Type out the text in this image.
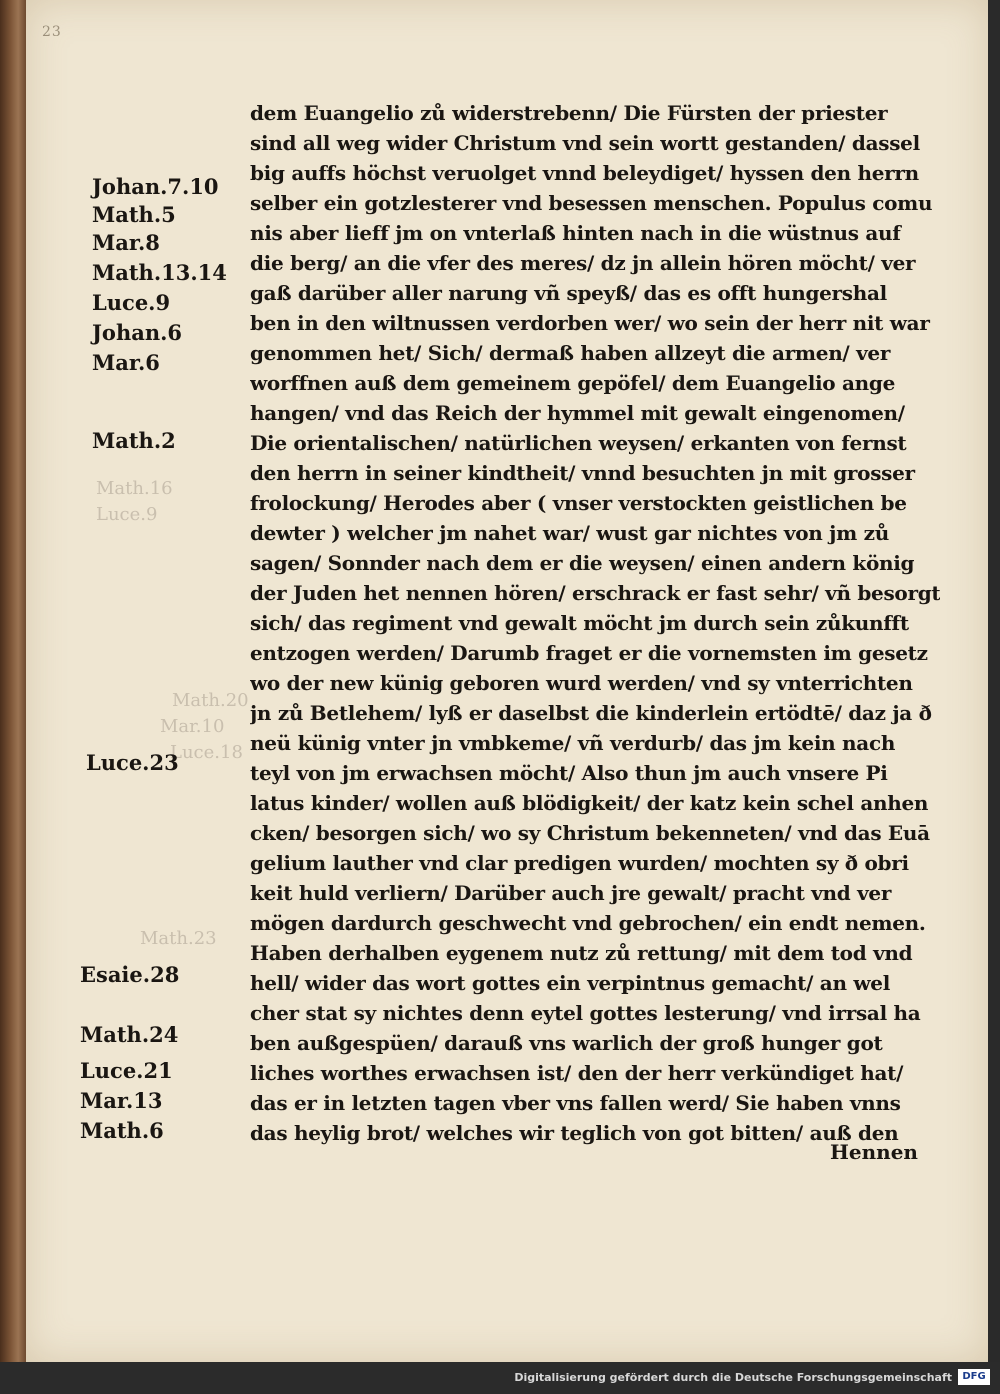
23
Math.16
Luce.9
Math.20
Mar.10
Luce.18
Math.23
Johan.7.10
Math.5
Mar.8
Math.13.14
Luce.9
Johan.6
Mar.6
Math.2
Luce.23
Esaie.28
Math.24
Luce.21
Mar.13
Math.6
dem Euangelio zů widerstrebenn/ Die Fürsten der priester
sind all weg wider Christum vnd sein wortt gestanden/ dassel
big auffs höchst veruolget vnnd beleydiget/ hyssen den herrn
selber ein gotzlesterer vnd besessen menschen. Populus comu
nis aber lieff jm on vnterlaß hinten nach in die wüstnus auf
die berg/ an die vfer des meres/ dz jn allein hören möcht/ ver
gaß darüber aller narung vñ speyß/ das es offt hungershal
ben in den wiltnussen verdorben wer/ wo sein der herr nit war
genommen het/ Sich/ dermaß haben allzeyt die armen/ ver
worffnen auß dem gemeinem gepöfel/ dem Euangelio ange
hangen/ vnd das Reich der hymmel mit gewalt eingenomen/
Die orientalischen/ natürlichen weysen/ erkanten von fernst
den herrn in seiner kindtheit/ vnnd besuchten jn mit grosser
frolockung/ Herodes aber ( vnser verstockten geistlichen be
dewter ) welcher jm nahet war/ wust gar nichtes von jm zů
sagen/ Sonnder nach dem er die weysen/ einen andern könig
der Juden het nennen hören/ erschrack er fast sehr/ vñ besorgt
sich/ das regiment vnd gewalt möcht jm durch sein zůkunfft
entzogen werden/ Darumb fraget er die vornemsten im gesetz
wo der new künig geboren wurd werden/ vnd sy vnterrichten
jn zů Betlehem/ lyß er daselbst die kinderlein ertödtē/ daz ja ð
neü künig vnter jn vmbkeme/ vñ verdurb/ das jm kein nach
teyl von jm erwachsen möcht/ Also thun jm auch vnsere Pi
latus kinder/ wollen auß blödigkeit/ der katz kein schel anhen
cken/ besorgen sich/ wo sy Christum bekenneten/ vnd das Euā
gelium lauther vnd clar predigen wurden/ mochten sy ð obri
keit huld verliern/ Darüber auch jre gewalt/ pracht vnd ver
mögen dardurch geschwecht vnd gebrochen/ ein endt nemen.
Haben derhalben eygenem nutz zů rettung/ mit dem tod vnd
hell/ wider das wort gottes ein verpintnus gemacht/ an wel
cher stat sy nichtes denn eytel gottes lesterung/ vnd irrsal ha
ben außgespüen/ darauß vns warlich der groß hunger got
liches worthes erwachsen ist/ den der herr verkündiget hat/
das er in letzten tagen vber vns fallen werd/ Sie haben vnns
das heylig brot/ welches wir teglich von got bitten/ auß den
Hennen
Digitalisierung gefördert durch die Deutsche Forschungsgemeinschaft	DFG
